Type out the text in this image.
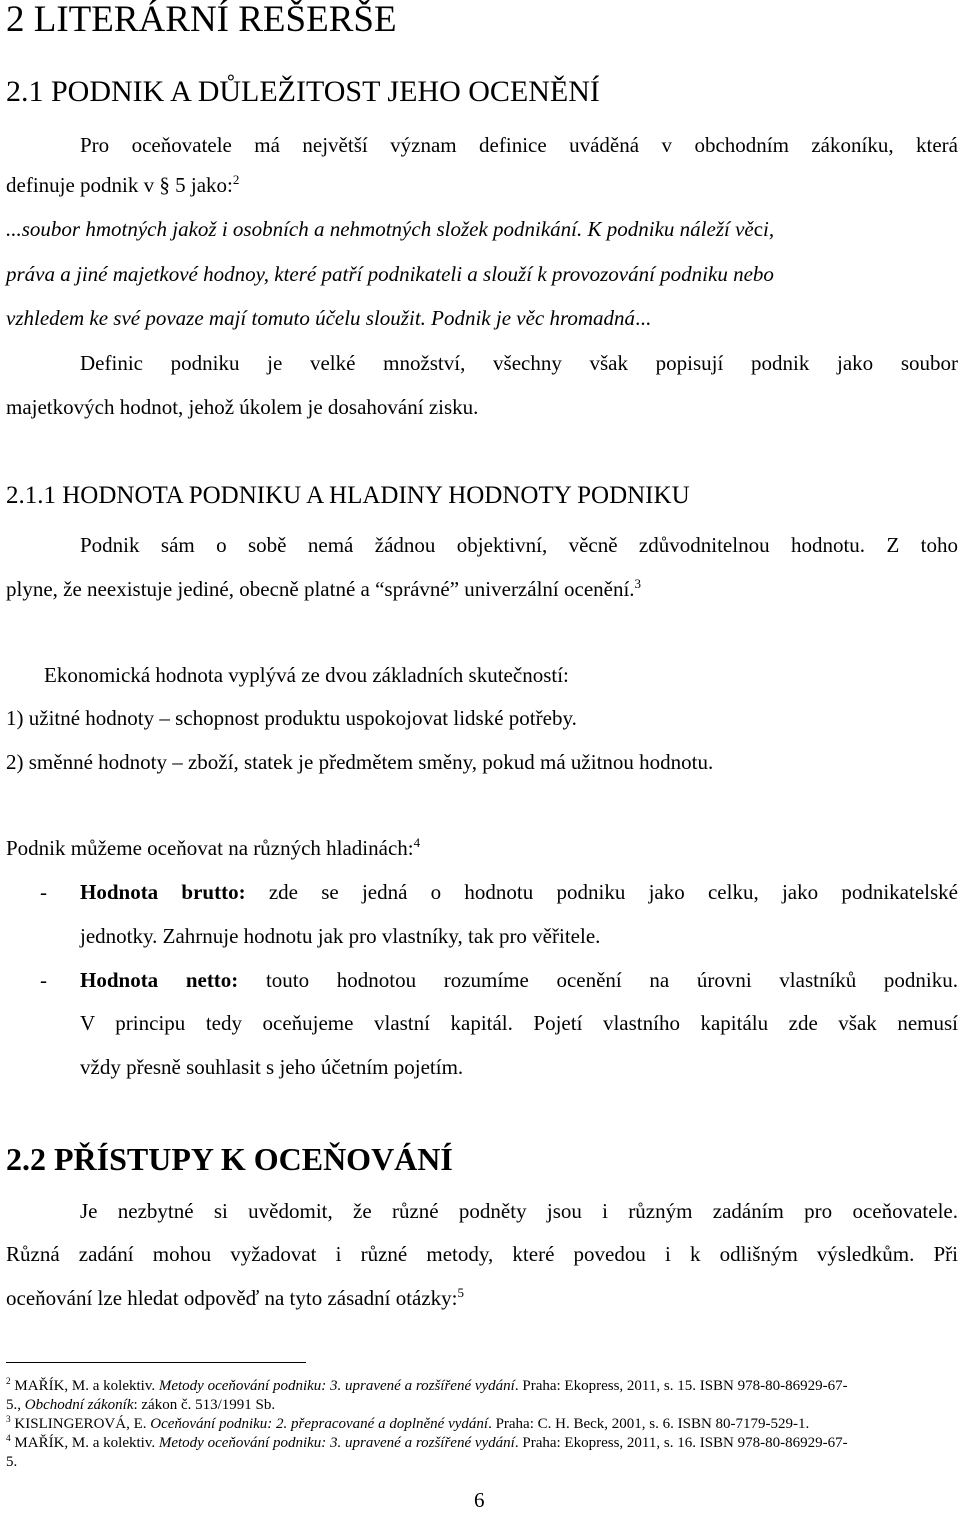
2 LITERÁRNÍ REŠERŠE
2.1 PODNIK A DŮLEŽITOST JEHO OCENĚNÍ
Pro oceňovatele má největší význam definice uváděná v obchodním zákoníku, která
definuje podnik v § 5 jako:$^2$
...soubor hmotných jakož i osobních a nehmotných složek podnikání. K podniku náleží věci,
práva a jiné majetkové hodnoy, které patří podnikateli a slouží k provozování podniku nebo
vzhledem ke své povaze mají tomuto účelu sloužit. Podnik je věc hromadná...
Definic podniku je velké množství, všechny však popisují podnik jako soubor
majetkových hodnot, jehož úkolem je dosahování zisku.
2.1.1 HODNOTA PODNIKU A HLADINY HODNOTY PODNIKU
Podnik sám o sobě nemá žádnou objektivní, věcně zdůvodnitelnou hodnotu. Z toho
plyne, že neexistuje jediné, obecně platné a “správné” univerzální ocenění.$^3$
Ekonomická hodnota vyplývá ze dvou základních skutečností:
1) užitné hodnoty – schopnost produktu uspokojovat lidské potřeby.
2) směnné hodnoty – zboží, statek je předmětem směny, pokud má užitnou hodnotu.
Podnik můžeme oceňovat na různých hladinách:$^4$
- Hodnota brutto: zde se jedná o hodnotu podniku jako celku, jako podnikatelské
jednotky. Zahrnuje hodnotu jak pro vlastníky, tak pro věřitele.
- Hodnota netto: touto hodnotou rozumíme ocenění na úrovni vlastníků podniku.
V principu tedy oceňujeme vlastní kapitál. Pojetí vlastního kapitálu zde však nemusí
vždy přesně souhlasit s jeho účetním pojetím.
2.2 PŘÍSTUPY K OCEŇOVÁNÍ
Je nezbytné si uvědomit, že různé podněty jsou i různým zadáním pro oceňovatele.
Různá zadání mohou vyžadovat i různé metody, které povedou i k odlišným výsledkům. Při
oceňování lze hledat odpověď na tyto zásadní otázky:$^5$
$^2$ MAŘÍK, M. a kolektiv. Metody oceňování podniku: 3. upravené a rozšířené vydání. Praha: Ekopress, 2011, s. 15. ISBN 978-80-86929-67-
5., Obchodní zákoník: zákon č. 513/1991 Sb.
$^3$ KISLINGEROVÁ, E. Oceňování podniku: 2. přepracované a doplněné vydání. Praha: C. H. Beck, 2001, s. 6. ISBN 80-7179-529-1.
$^4$ MAŘÍK, M. a kolektiv. Metody oceňování podniku: 3. upravené a rozšířené vydání. Praha: Ekopress, 2011, s. 16. ISBN 978-80-86929-67-
5.
6
